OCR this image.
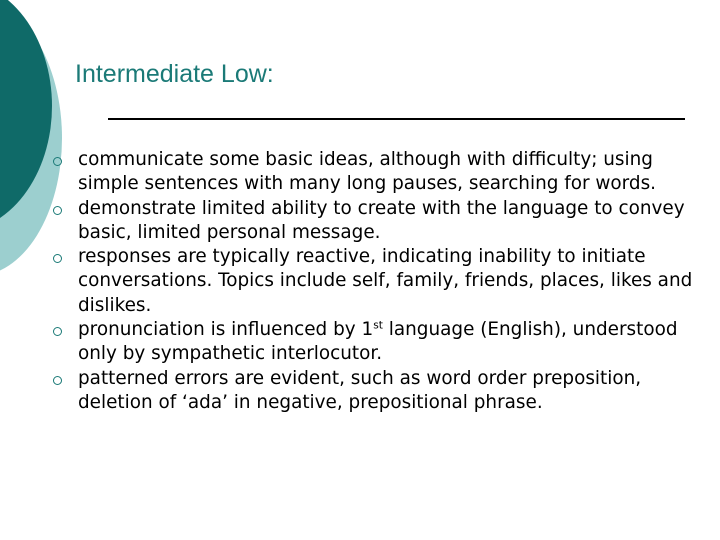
Intermediate Low:
communicate some basic ideas, although with difficulty; using simple sentences with many long pauses, searching for words.
demonstrate limited ability to create with the language to convey basic, limited personal message.
responses are typically reactive, indicating inability to initiate conversations. Topics include self, family, friends, places, likes and dislikes.
pronunciation is influenced by 1st language (English), understood only by sympathetic interlocutor.
patterned errors are evident, such as word order preposition, deletion of ‘ada’ in negative, prepositional phrase.
